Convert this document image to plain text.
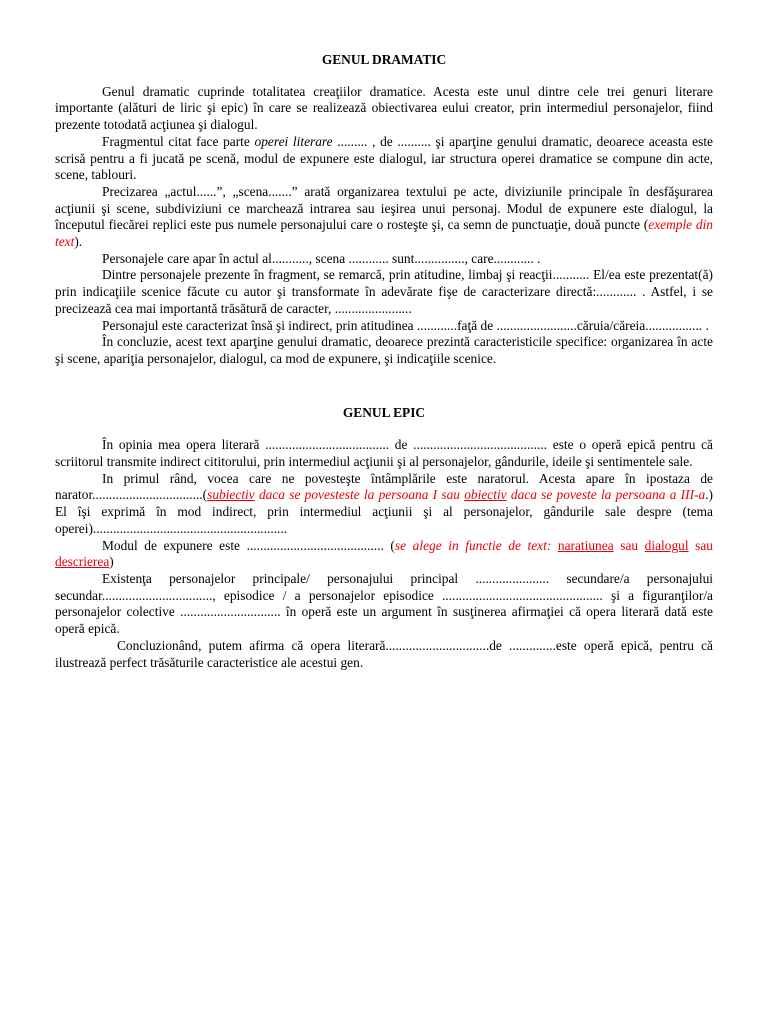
GENUL DRAMATIC

Genul dramatic cuprinde totalitatea creaţiilor dramatice. Acesta este unul dintre cele trei genuri literare importante (alături de liric şi epic) în care se realizează obiectivarea eului creator, prin intermediul personajelor, fiind prezente totodată acţiunea şi dialogul.

Fragmentul citat face parte operei literare ......... , de .......... şi aparţine genului dramatic, deoarece aceasta este scrisă pentru a fi jucată pe scenă, modul de expunere este dialogul, iar structura operei dramatice se compune din acte, scene, tablouri.

Precizarea „actul......”, „scena.......” arată organizarea textului pe acte, diviziunile principale în desfăşurarea acţiunii şi scene, subdiviziuni ce marchează intrarea sau ieşirea unui personaj. Modul de expunere este dialogul, la începutul fiecărei replici este pus numele personajului care o rosteşte şi, ca semn de punctuaţie, două puncte (exemple din text).

Personajele care apar în actul al..........., scena ............ sunt..............., care............ .

Dintre personajele prezente în fragment, se remarcă, prin atitudine, limbaj şi reacţii........... El/ea este prezentat(ă) prin indicaţiile scenice făcute cu autor şi transformate în adevărate fişe de caracterizare directă:............ . Astfel, i se precizează cea mai importantă trăsătură de caracter, .......................

Personajul este caracterizat însă şi indirect, prin atitudinea ............faţă de ........................căruia/căreia................. .

În concluzie, acest text aparţine genului dramatic, deoarece prezintă caracteristicile specifice: organizarea în acte şi scene, apariţia personajelor, dialogul, ca mod de expunere, şi indicaţiile scenice.

GENUL EPIC

În opinia mea opera literară ..................................... de ........................................ este o operă epică pentru că scriitorul transmite indirect cititorului, prin intermediul acţiunii şi al personajelor, gândurile, ideile şi sentimentele sale.

In primul rând, vocea care ne povesteşte întâmplările este naratorul. Acesta apare în ipostaza de narator.................................(subiectiv daca se povesteste la persoana I sau obiectiv daca se poveste la persoana a III-a.) El îşi exprimă în mod indirect, prin intermediul acţiunii şi al personajelor, gândurile sale despre (tema operei)..........................................................

Modul de expunere este ......................................... (se alege in functie de text: naratiunea sau dialogul sau descrierea)

Existenţa personajelor principale/ personajului principal ...................... secundare/a personajului secundar................................., episodice / a personajelor episodice ................................................ şi a figuranţilor/a personajelor colective .............................. în operă este un argument în susţinerea afirmaţiei că opera literară dată este operă epică.

Concluzionând, putem afirma că opera literară...............................de ..............este operă epică, pentru că ilustrează perfect trăsăturile caracteristice ale acestui gen.
